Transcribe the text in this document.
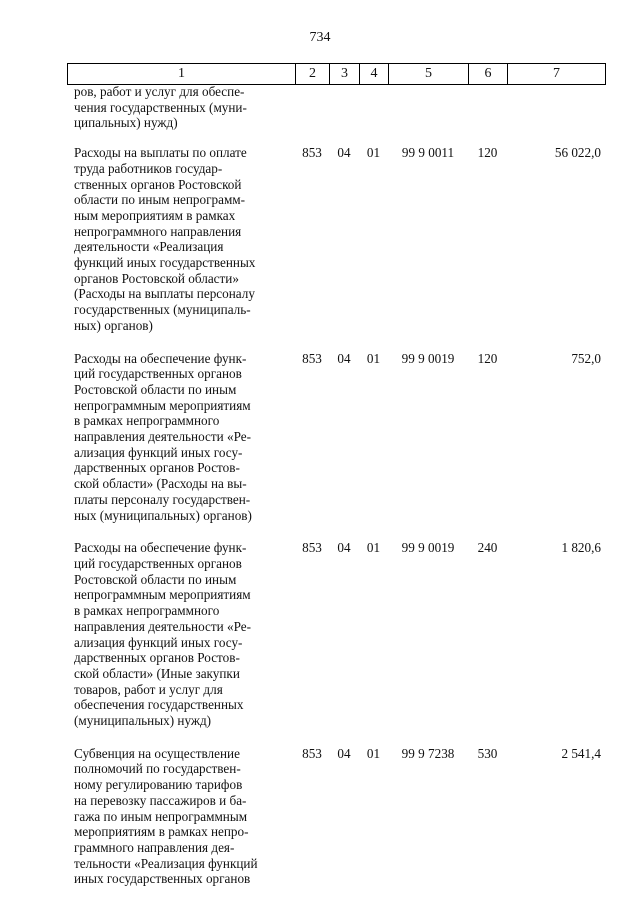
734
1	2	3	4	5	6	7
ров, работ и услуг для обеспе-
чения государственных (муни-
ципальных) нужд)
Расходы на выплаты по оплате
труда работников государ-
ственных органов Ростовской
области по иным непрограмм-
ным мероприятиям в рамках
непрограммного направления
деятельности «Реализация
функций иных государственных
органов Ростовской области»
(Расходы на выплаты персоналу
государственных (муниципаль-
ных) органов)
853	04	01	99 9 0011	120	56 022,0
Расходы на обеспечение функ-
ций государственных органов
Ростовской области по иным
непрограммным мероприятиям
в рамках непрограммного
направления деятельности «Ре-
ализация функций иных госу-
дарственных органов Ростов-
ской области» (Расходы на вы-
платы персоналу государствен-
ных (муниципальных) органов)
853	04	01	99 9 0019	120	752,0
Расходы на обеспечение функ-
ций государственных органов
Ростовской области по иным
непрограммным мероприятиям
в рамках непрограммного
направления деятельности «Ре-
ализация функций иных госу-
дарственных органов Ростов-
ской области» (Иные закупки
товаров, работ и услуг для
обеспечения государственных
(муниципальных) нужд)
853	04	01	99 9 0019	240	1 820,6
Субвенция на осуществление
полномочий по государствен-
ному регулированию тарифов
на перевозку пассажиров и ба-
гажа по иным непрограммным
мероприятиям в рамках непро-
граммного направления дея-
тельности «Реализация функций
иных государственных органов
853	04	01	99 9 7238	530	2 541,4
